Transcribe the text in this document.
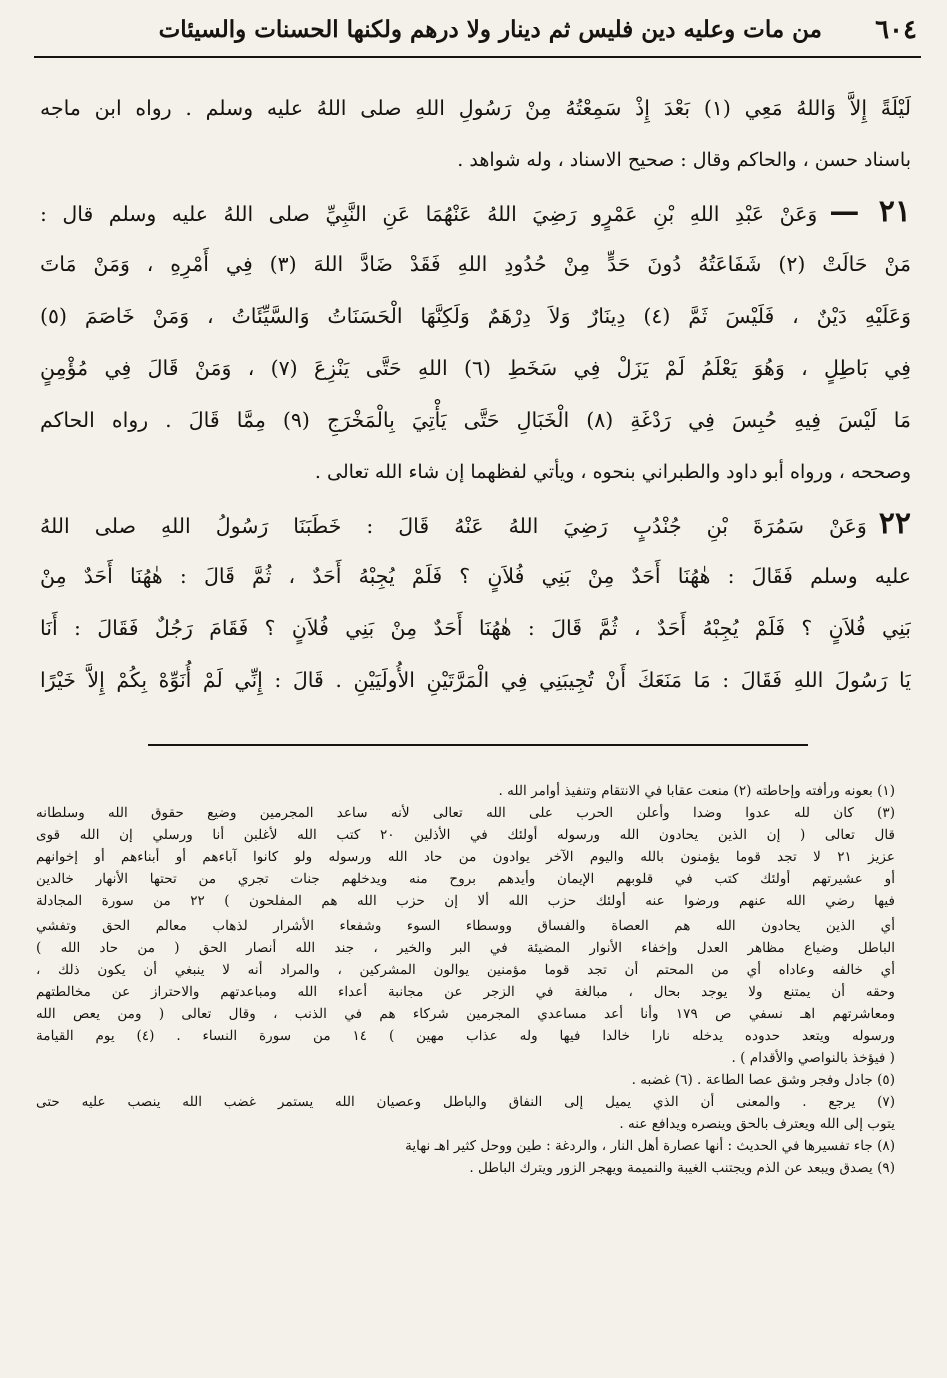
٦٠٤
من مات وعليه دين فليس ثم دينار ولا درهم ولكنها الحسنات والسيئات
لَيْلَةً إِلاَّ وَاللهُ مَعِي (١) بَعْدَ إِذْ سَمِعْتُهُ مِنْ رَسُولِ اللهِ صلى اللهُ عليه وسلم . رواه ابن ماجه
باسناد حسن ، والحاكم وقال : صحيح الاسناد ، وله شواهد .
٢١ —وَعَنْ عَبْدِ اللهِ بْنِ عَمْرٍو رَضِيَ اللهُ عَنْهُمَا عَنِ النَّبِيِّ صلى اللهُ عليه وسلم قال :
مَنْ حَالَتْ (٢) شَفَاعَتُهُ دُونَ حَدٍّ مِنْ حُدُودِ اللهِ فَقَدْ ضَادَّ اللهَ (٣) فِي أَمْرِهِ ، وَمَنْ مَاتَ
وَعَلَيْهِ دَيْنٌ ، فَلَيْسَ ثَمَّ (٤) دِينَارٌ وَلاَ دِرْهَمٌ وَلَكِنَّهَا الْحَسَنَاتُ وَالسَّيِّئَاتُ ، وَمَنْ خَاصَمَ (٥)
فِي بَاطِلٍ ، وَهُوَ يَعْلَمُ لَمْ يَزَلْ فِي سَخَطِ (٦) اللهِ حَتَّى يَنْزِعَ (٧) ، وَمَنْ قَالَ فِي مُؤْمِنٍ
مَا لَيْسَ فِيهِ حُبِسَ فِي رَدْغَةِ (٨) الْخَبَالِ حَتَّى يَأْتِيَ بِالْمَخْرَجِ (٩) مِمَّا قَالَ . رواه الحاكم
وصححه ، ورواه أبو داود والطبراني بنحوه ، ويأتي لفظهما إن شاء الله تعالى .
٢٢وَعَنْ سَمُرَةَ بْنِ جُنْدُبٍ رَضِيَ اللهُ عَنْهُ قَالَ : خَطَبَنَا رَسُولُ اللهِ صلى اللهُ
عليه وسلم فَقَالَ : هٰهُنَا أَحَدٌ مِنْ بَنِي فُلاَنٍ ؟ فَلَمْ يُجِبْهُ أَحَدٌ ، ثُمَّ قَالَ : هٰهُنَا أَحَدٌ مِنْ
بَنِي فُلاَنٍ ؟ فَلَمْ يُجِبْهُ أَحَدٌ ، ثُمَّ قَالَ : هٰهُنَا أَحَدٌ مِنْ بَنِي فُلاَنٍ ؟ فَقَامَ رَجُلٌ فَقَالَ : أَنَا
يَا رَسُولَ اللهِ فَقَالَ : مَا مَنَعَكَ أَنْ تُجِيبَنِي فِي الْمَرَّتَيْنِ الأُولَيَيْنِ . قَالَ : إِنِّي لَمْ أُنَوِّهْ بِكُمْ إِلاَّ خَيْرًا
(١) بعونه ورأفته وإحاطته (٢) منعت عقابا في الانتقام وتنفيذ أوامر الله .
(٣) كان لله عدوا وضدا وأعلن الحرب على الله تعالى لأنه ساعد المجرمين وضيع حقوق الله وسلطانه
قال تعالى ( إن الذين يحادون الله ورسوله أولئك في الأذلين ٢٠ كتب الله لأغلبن أنا ورسلي إن الله قوى
عزيز ٢١ لا تجد قوما يؤمنون بالله واليوم الآخر يوادون من حاد الله ورسوله ولو كانوا آباءهم أو أبناءهم أو إخوانهم
أو عشيرتهم أولئك كتب في قلوبهم الإيمان وأيدهم بروح منه ويدخلهم جنات تجري من تحتها الأنهار خالدين
فيها رضي الله عنهم ورضوا عنه أولئك حزب الله ألا إن حزب الله هم المفلحون ) ٢٢ من سورة المجادلة
أي الذين يحادون الله هم العصاة والفساق ووسطاء السوء وشفعاء الأشرار لذهاب معالم الحق وتفشي
الباطل وضياع مظاهر العدل وإخفاء الأنوار المضيئة في البر والخير ، جند الله أنصار الحق ( من حاد الله )
أي خالفه وعاداه أي من المحتم أن تجد قوما مؤمنين يوالون المشركين ، والمراد أنه لا ينبغي أن يكون ذلك ،
وحقه أن يمتنع ولا يوجد بحال ، مبالغة في الزجر عن مجانبة أعداء الله ومباعدتهم والاحتراز عن مخالطتهم
ومعاشرتهم اهـ نسفي ص ١٧٩ وأنا أعد مساعدي المجرمين شركاء هم في الذنب ، وقال تعالى ( ومن يعص الله
ورسوله ويتعد حدوده يدخله نارا خالدا فيها وله عذاب مهين ) ١٤ من سورة النساء . (٤) يوم القيامة
( فيؤخذ بالنواصي والأقدام ) .
(٥) جادل وفجر وشق عصا الطاعة . (٦) غضبه .
(٧) يرجع . والمعنى أن الذي يميل إلى النفاق والباطل وعصيان الله يستمر غضب الله ينصب عليه حتى
يتوب إلى الله ويعترف بالحق وينصره ويدافع عنه .
(٨) جاء تفسيرها في الحديث : أنها عصارة أهل النار ، والردغة : طين ووحل كثير اهـ نهاية
(٩) يصدق ويبعد عن الذم ويجتنب الغيبة والنميمة ويهجر الزور ويترك الباطل .
